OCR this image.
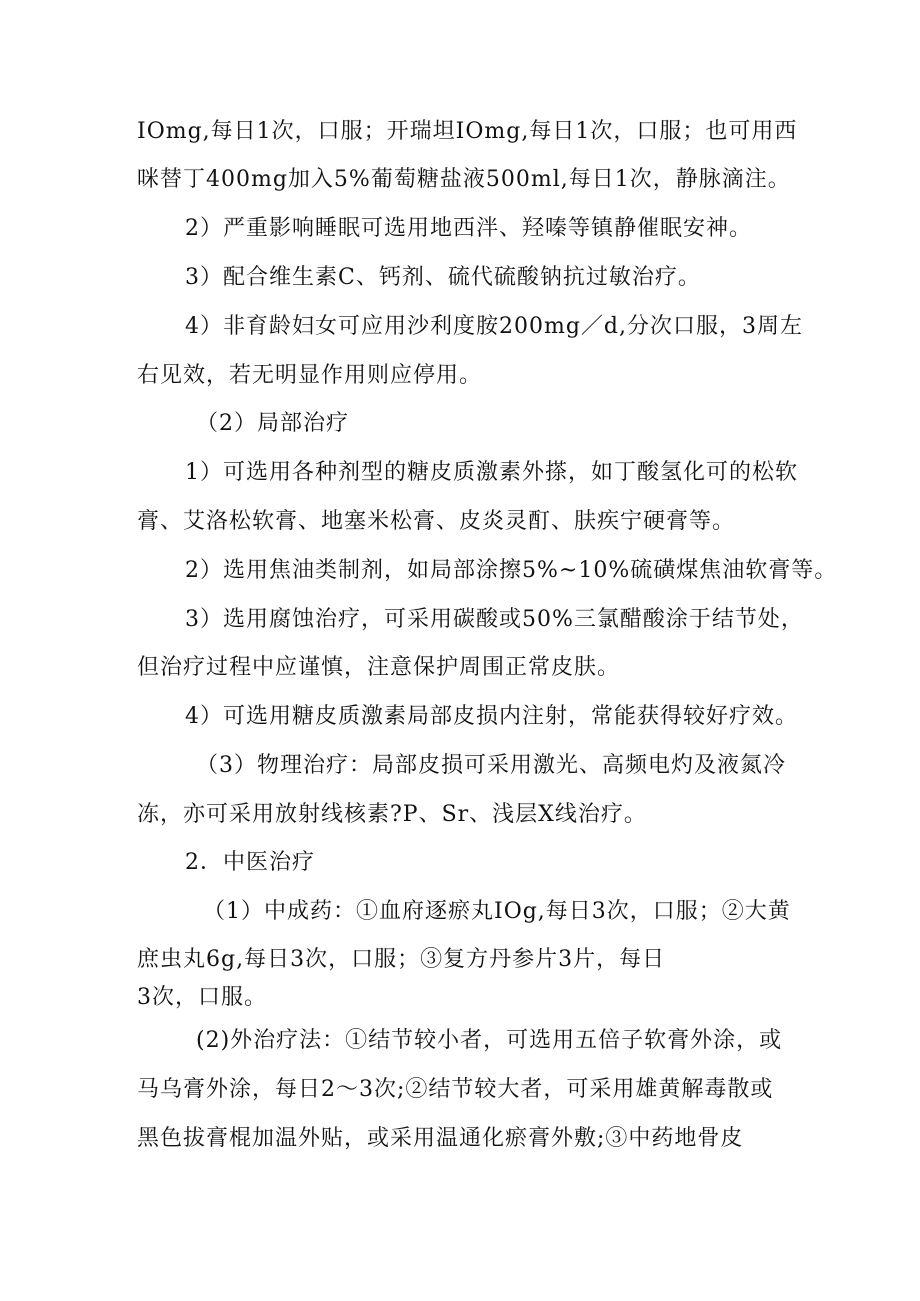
IOmg,每日1次，口服；开瑞坦IOmg,每日1次，口服；也可用西
咪替丁400mg加入5%葡萄糖盐液500ml,每日1次，静脉滴注。
2）严重影响睡眠可选用地西泮、羟嗪等镇静催眠安神。
3）配合维生素C、钙剂、硫代硫酸钠抗过敏治疗。
4）非育龄妇女可应用沙利度胺200mg／d,分次口服，3周左
右见效，若无明显作用则应停用。
（2）局部治疗
1）可选用各种剂型的糖皮质激素外搽，如丁酸氢化可的松软
膏、艾洛松软膏、地塞米松膏、皮炎灵酊、肤疾宁硬膏等。
2）选用焦油类制剂，如局部涂擦5%~10%硫磺煤焦油软膏等。
3）选用腐蚀治疗，可采用碳酸或50%三氯醋酸涂于结节处，
但治疗过程中应谨慎，注意保护周围正常皮肤。
4）可选用糖皮质激素局部皮损内注射，常能获得较好疗效。
（3）物理治疗：局部皮损可采用激光、高频电灼及液氮冷
冻，亦可采用放射线核素?P、Sr、浅层X线治疗。
2．中医治疗
（1）中成药：①血府逐瘀丸IOg,每日3次，口服；②大黄
庶虫丸6g,每日3次，口服；③复方丹参片3片，每日
3次，口服。
(2)外治疗法：①结节较小者，可选用五倍子软膏外涂，或
马乌膏外涂，每日2～3次;②结节较大者，可采用雄黄解毒散或
黑色拔膏棍加温外贴，或采用温通化瘀膏外敷;③中药地骨皮
